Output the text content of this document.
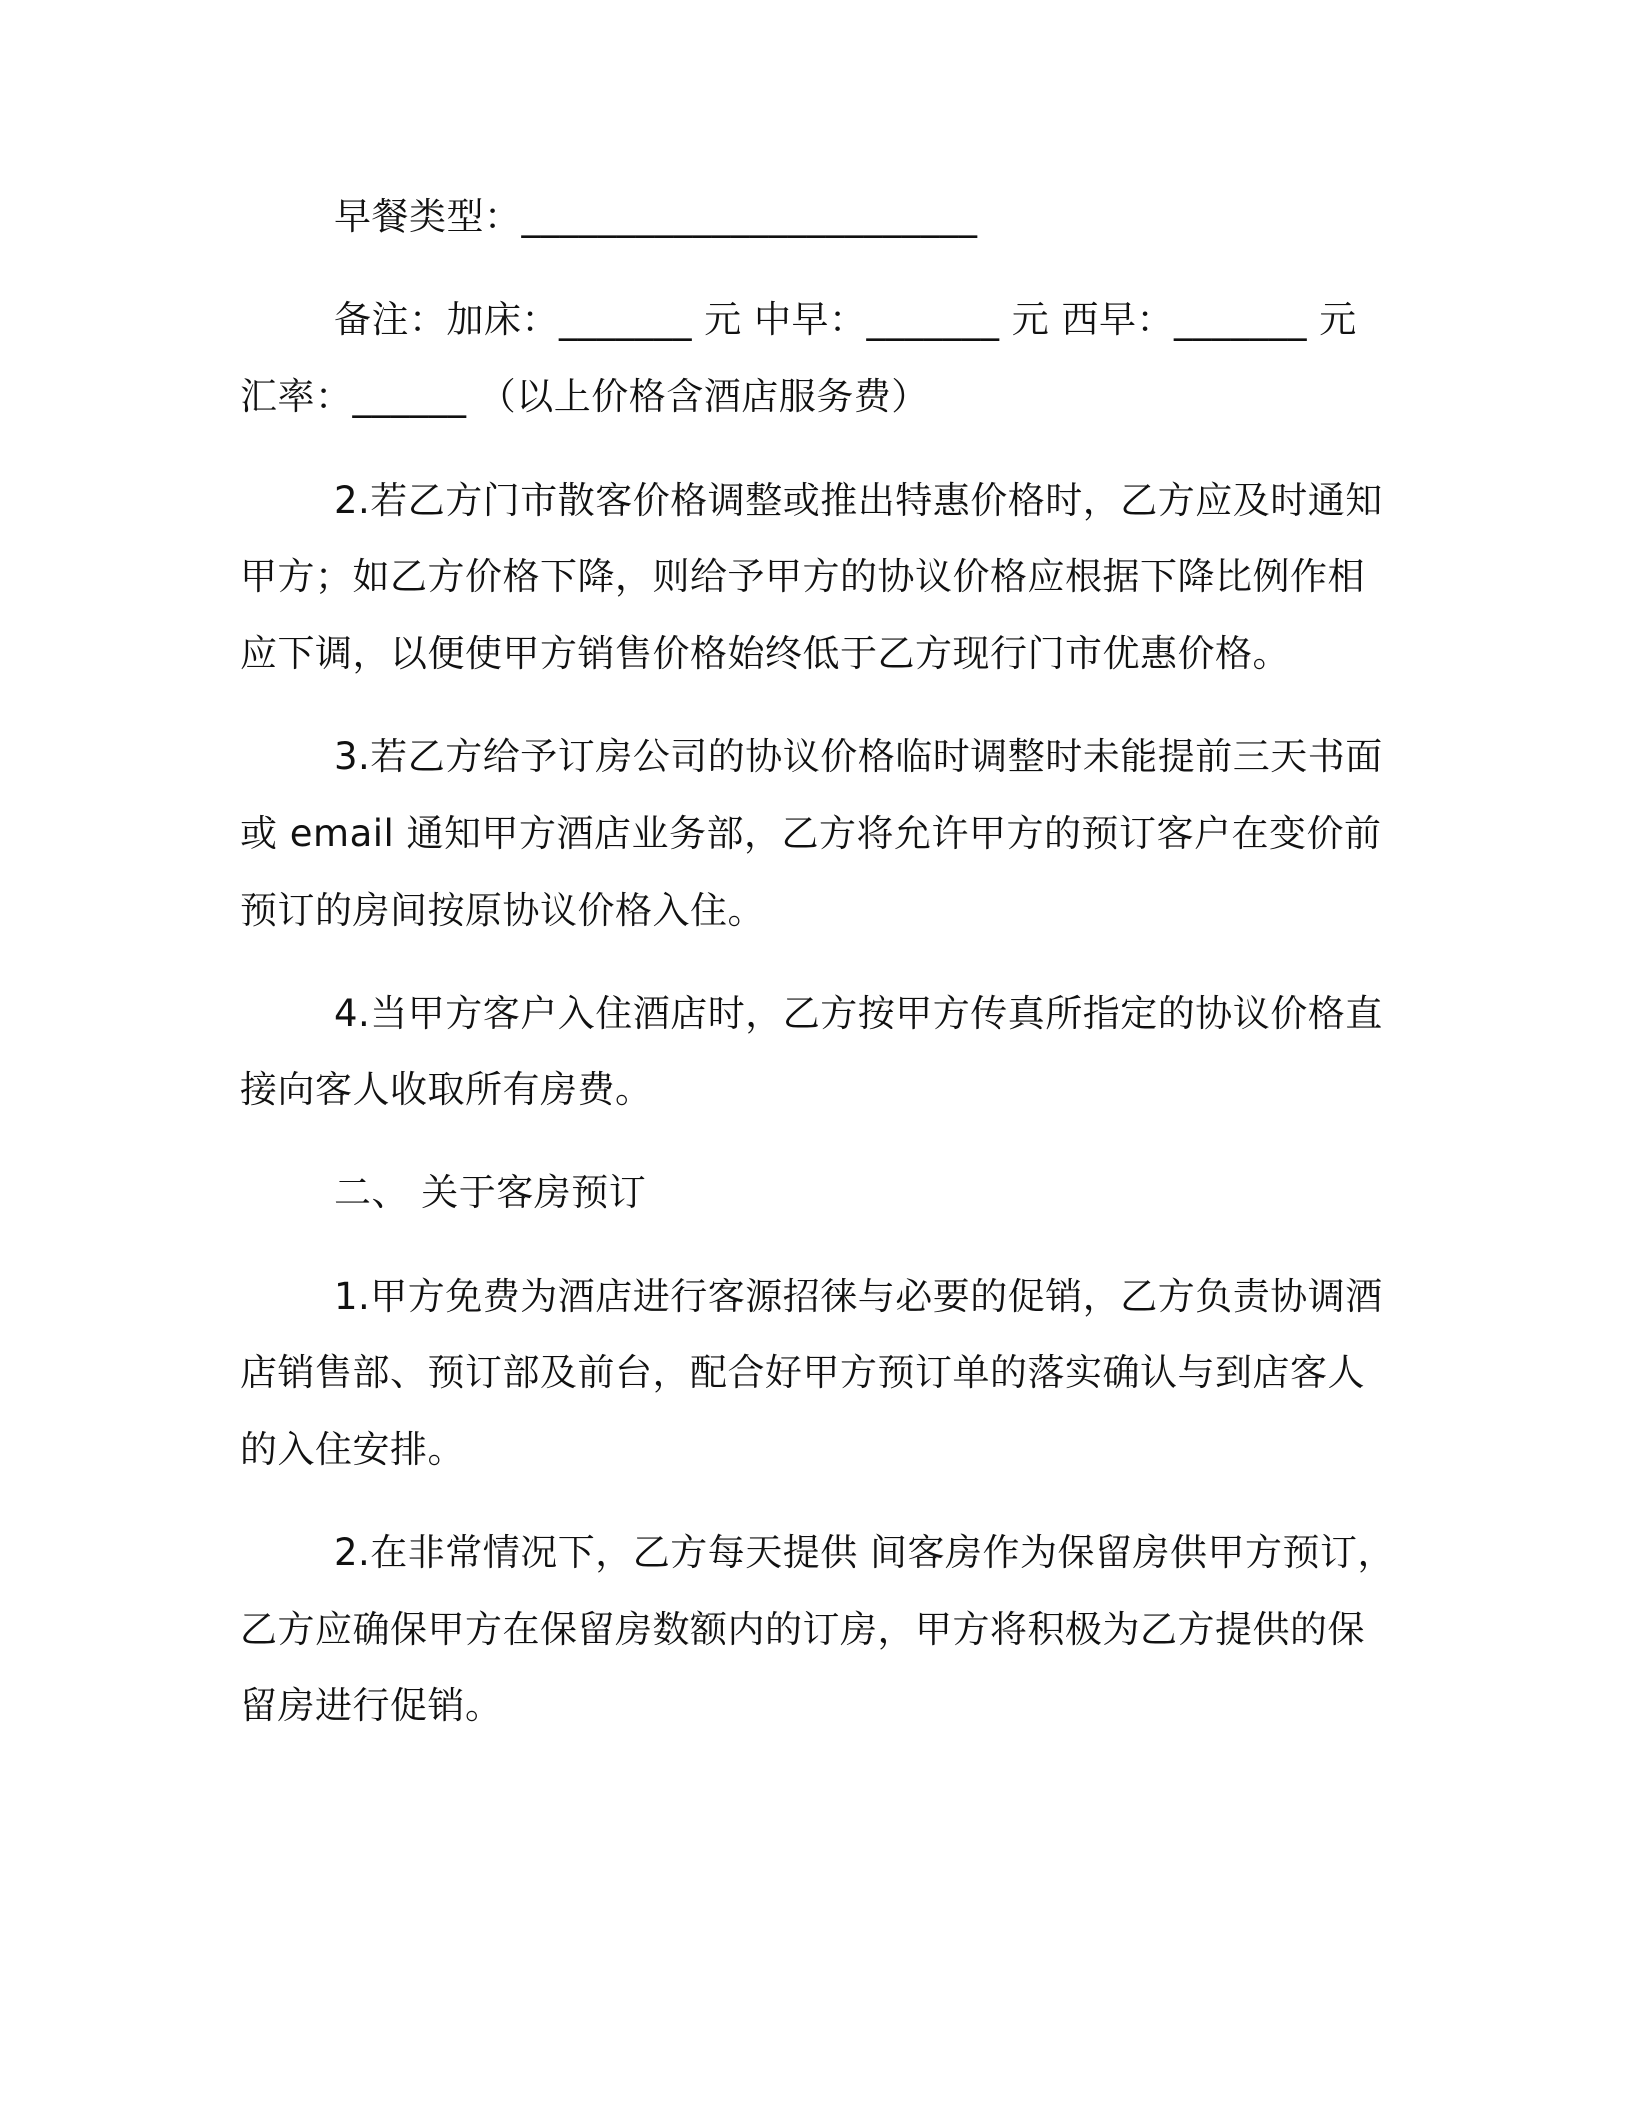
早餐类型：________________________
备注：加床：_______ 元 中早：_______ 元 西早：_______ 元
汇率：______ （以上价格含酒店服务费）
2.若乙方门市散客价格调整或推出特惠价格时，乙方应及时通知
甲方；如乙方价格下降，则给予甲方的协议价格应根据下降比例作相
应下调，以便使甲方销售价格始终低于乙方现行门市优惠价格。
3.若乙方给予订房公司的协议价格临时调整时未能提前三天书面
或 email 通知甲方酒店业务部，乙方将允许甲方的预订客户在变价前
预订的房间按原协议价格入住。
4.当甲方客户入住酒店时，乙方按甲方传真所指定的协议价格直
接向客人收取所有房费。
二、 关于客房预订
1.甲方免费为酒店进行客源招徕与必要的促销，乙方负责协调酒
店销售部、预订部及前台，配合好甲方预订单的落实确认与到店客人
的入住安排。
2.在非常情况下，乙方每天提供 间客房作为保留房供甲方预订，
乙方应确保甲方在保留房数额内的订房，甲方将积极为乙方提供的保
留房进行促销。
